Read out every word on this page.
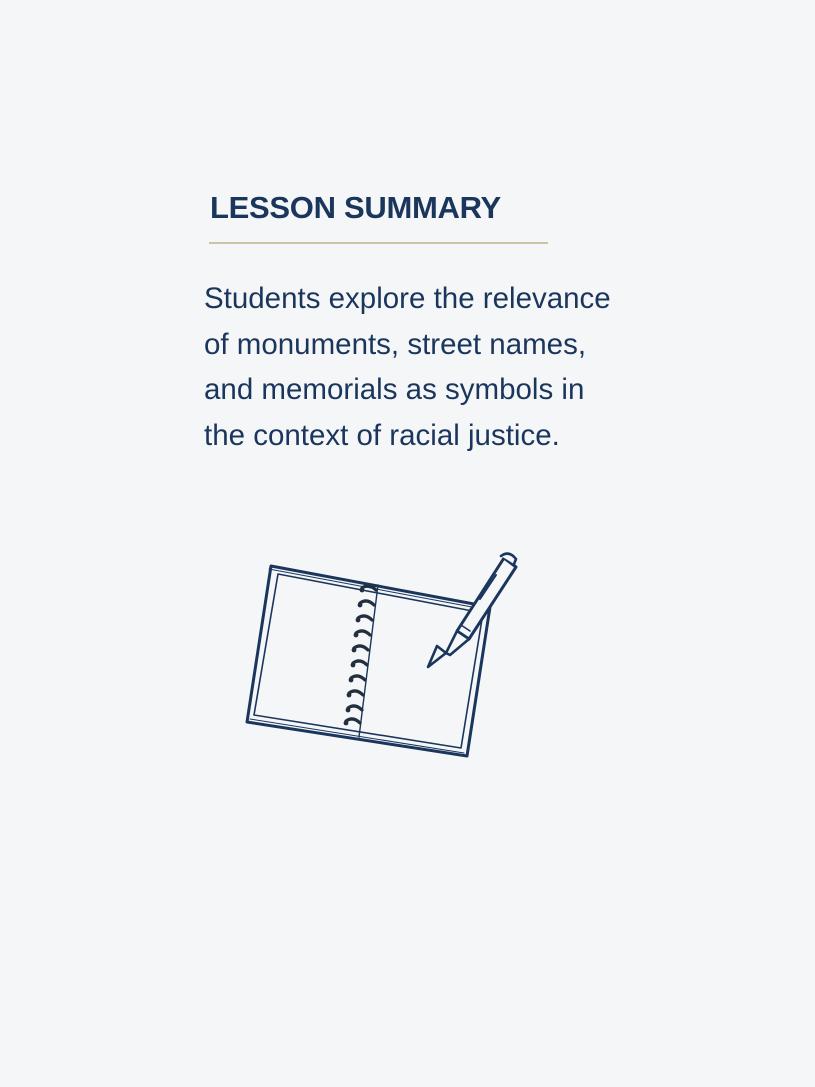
LESSON SUMMARY

Students explore the relevance of monuments, street names, and memorials as symbols in the context of racial justice.
